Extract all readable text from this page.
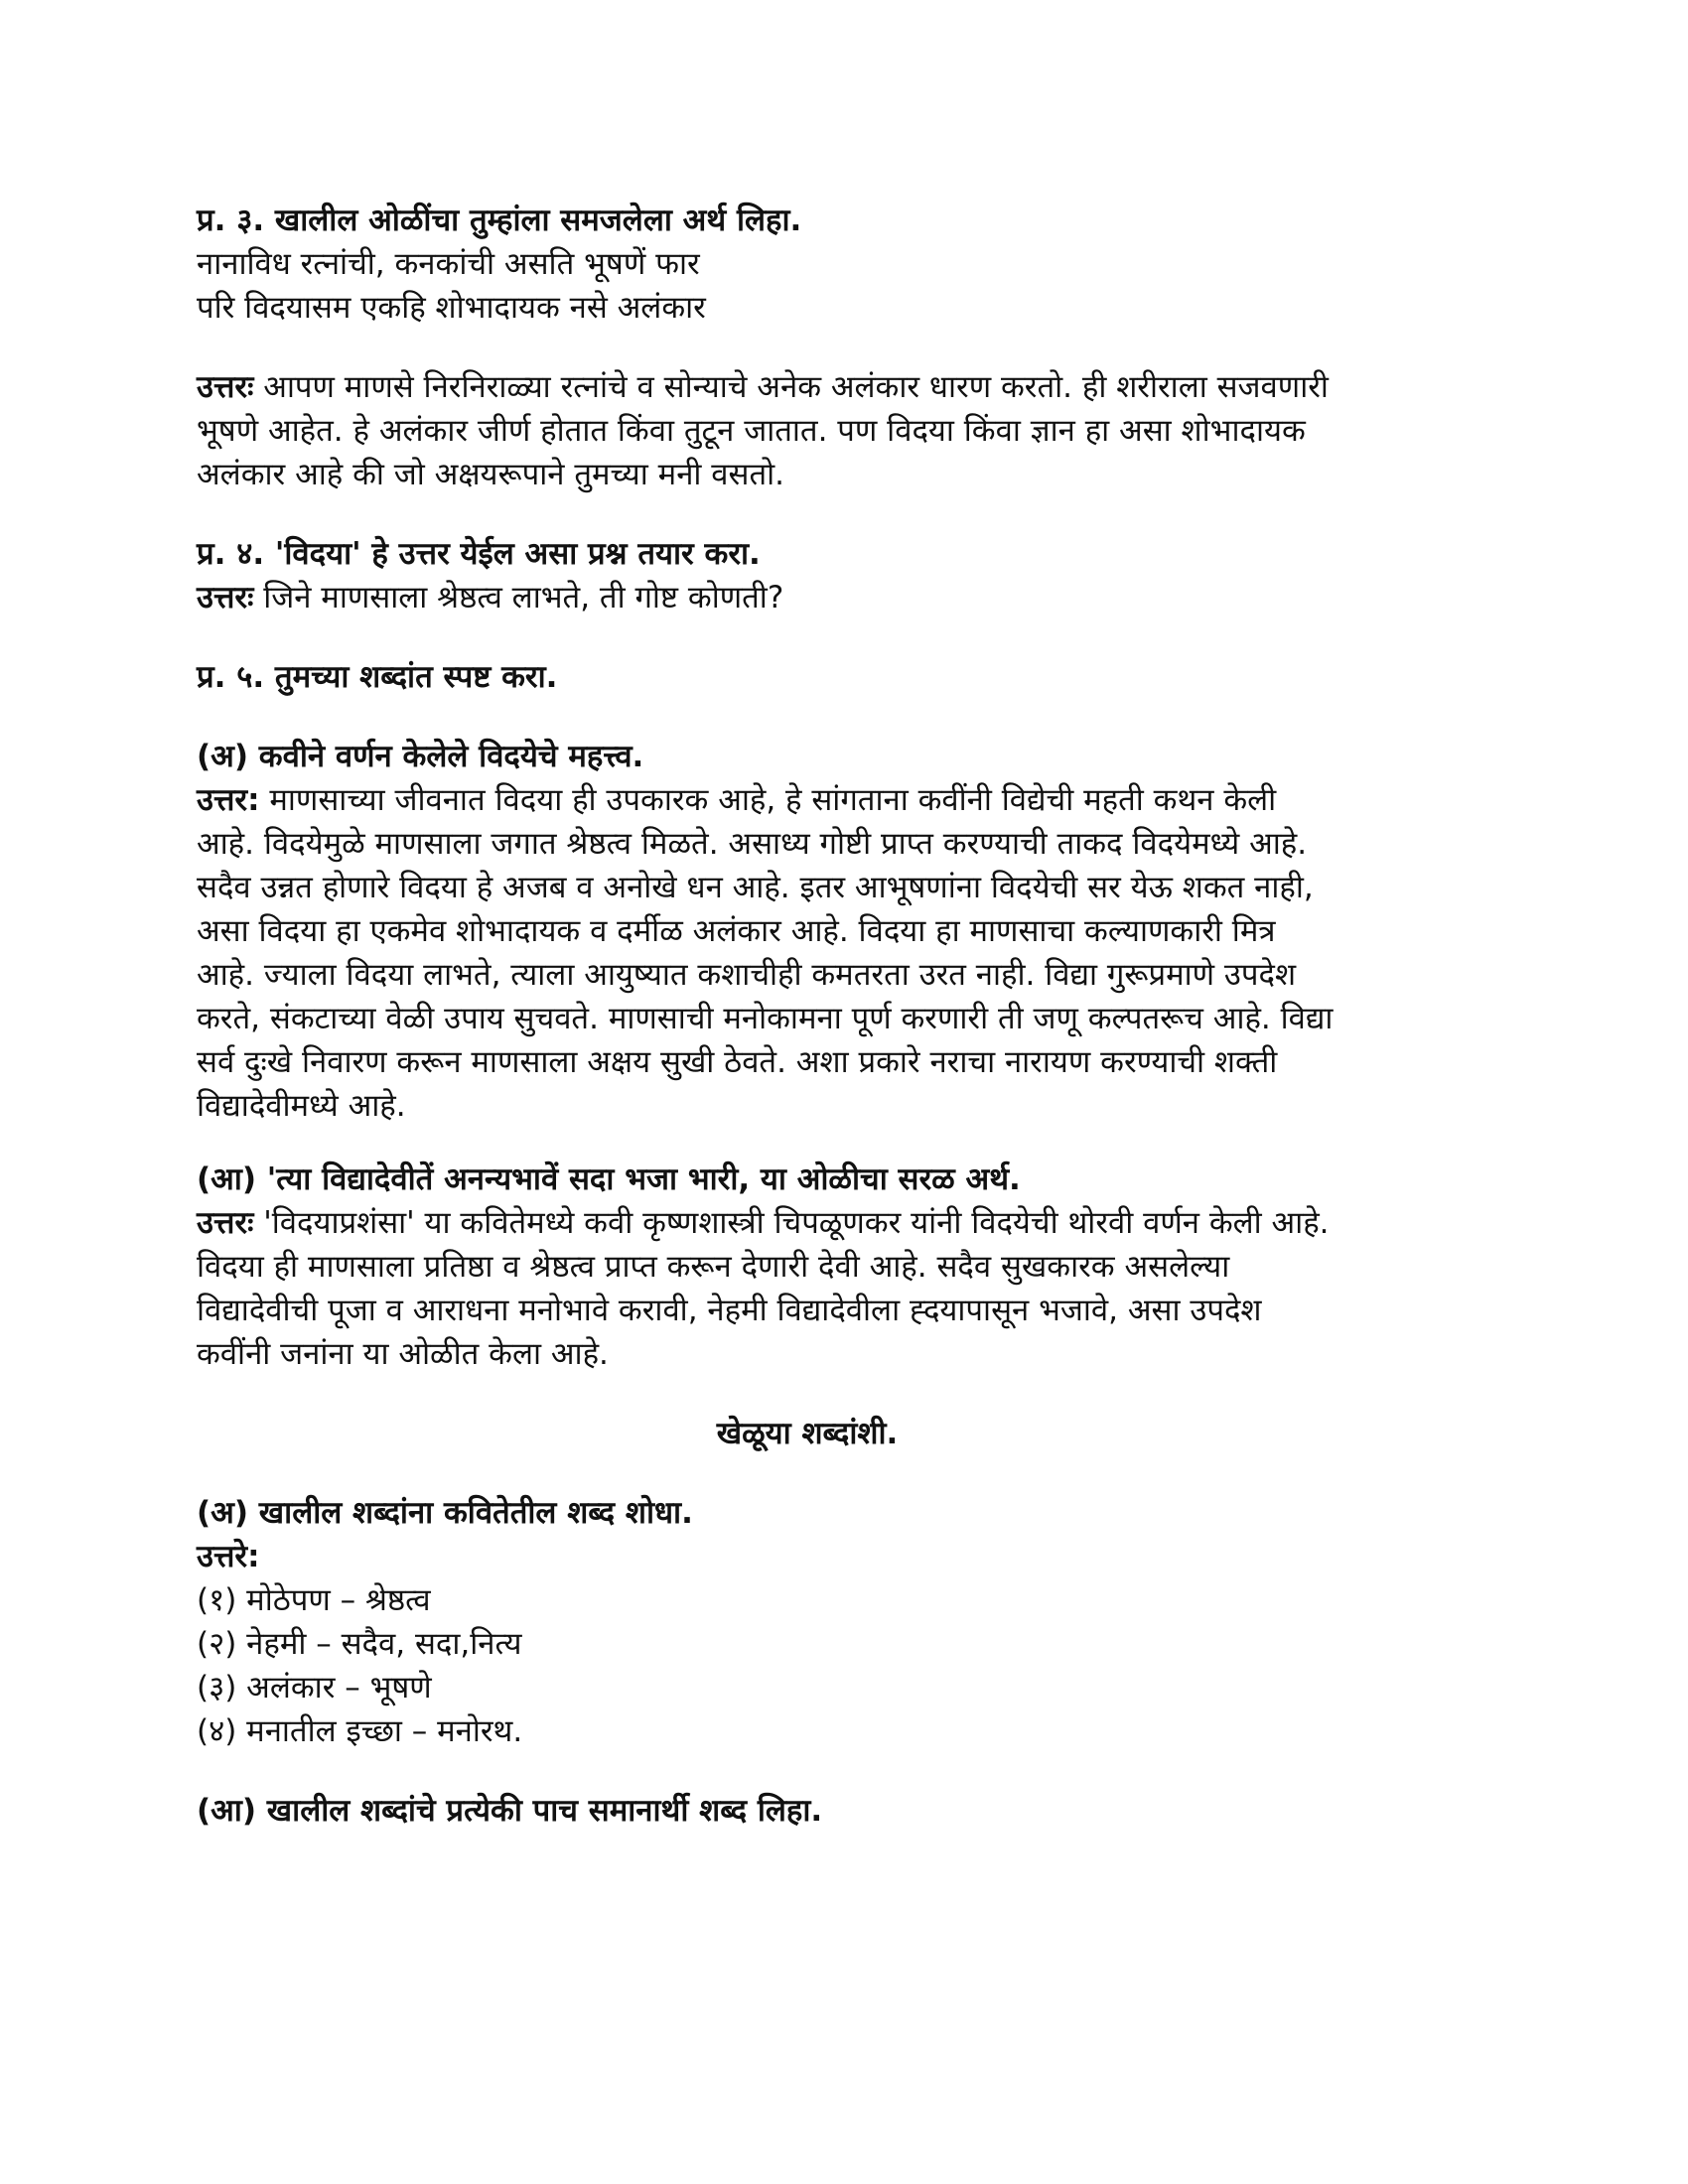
प्र. ३. खालील ओळींचा तुम्हांला समजलेला अर्थ लिहा.
नानाविध रत्नांची, कनकांची असति भूषणें फार
परि विदयासम एकहि शोभादायक नसे अलंकार
उत्तरः आपण माणसे निरनिराळ्या रत्नांचे व सोन्याचे अनेक अलंकार धारण करतो. ही शरीराला सजवणारी
भूषणे आहेत. हे अलंकार जीर्ण होतात किंवा तुटून जातात. पण विदया किंवा ज्ञान हा असा शोभादायक
अलंकार आहे की जो अक्षयरूपाने तुमच्या मनी वसतो.
प्र. ४. 'विदया' हे उत्तर येईल असा प्रश्न तयार करा.
उत्तरः जिने माणसाला श्रेष्ठत्व लाभते, ती गोष्ट कोणती?
प्र. ५. तुमच्या शब्दांत स्पष्ट करा.
(अ) कवीने वर्णन केलेले विदयेचे महत्त्व.
उत्तर: माणसाच्या जीवनात विदया ही उपकारक आहे, हे सांगताना कवींनी विद्येची महती कथन केली
आहे. विदयेमुळे माणसाला जगात श्रेष्ठत्व मिळते. असाध्य गोष्टी प्राप्त करण्याची ताकद विदयेमध्ये आहे.
सदैव उन्नत होणारे विदया हे अजब व अनोखे धन आहे. इतर आभूषणांना विदयेची सर येऊ शकत नाही,
असा विदया हा एकमेव शोभादायक व दर्मीळ अलंकार आहे. विदया हा माणसाचा कल्याणकारी मित्र
आहे. ज्याला विदया लाभते, त्याला आयुष्यात कशाचीही कमतरता उरत नाही. विद्या गुरूप्रमाणे उपदेश
करते, संकटाच्या वेळी उपाय सुचवते. माणसाची मनोकामना पूर्ण करणारी ती जणू कल्पतरूच आहे. विद्या
सर्व दुःखे निवारण करून माणसाला अक्षय सुखी ठेवते. अशा प्रकारे नराचा नारायण करण्याची शक्ती
विद्यादेवीमध्ये आहे.
(आ) 'त्या विद्यादेवीतें अनन्यभावें सदा भजा भारी, या ओळीचा सरळ अर्थ.
उत्तरः 'विदयाप्रशंसा' या कवितेमध्ये कवी कृष्णशास्त्री चिपळूणकर यांनी विदयेची थोरवी वर्णन केली आहे.
विदया ही माणसाला प्रतिष्ठा व श्रेष्ठत्व प्राप्त करून देणारी देवी आहे. सदैव सुखकारक असलेल्या
विद्यादेवीची पूजा व आराधना मनोभावे करावी, नेहमी विद्यादेवीला ह्दयापासून भजावे, असा उपदेश
कवींनी जनांना या ओळीत केला आहे.
खेळूया शब्दांशी.
(अ) खालील शब्दांना कवितेतील शब्द शोधा.
उत्तरे:
(१) मोठेपण – श्रेष्ठत्व
(२) नेहमी – सदैव, सदा,नित्य
(३) अलंकार – भूषणे
(४) मनातील इच्छा – मनोरथ.
(आ) खालील शब्दांचे प्रत्येकी पाच समानार्थी शब्द लिहा.
